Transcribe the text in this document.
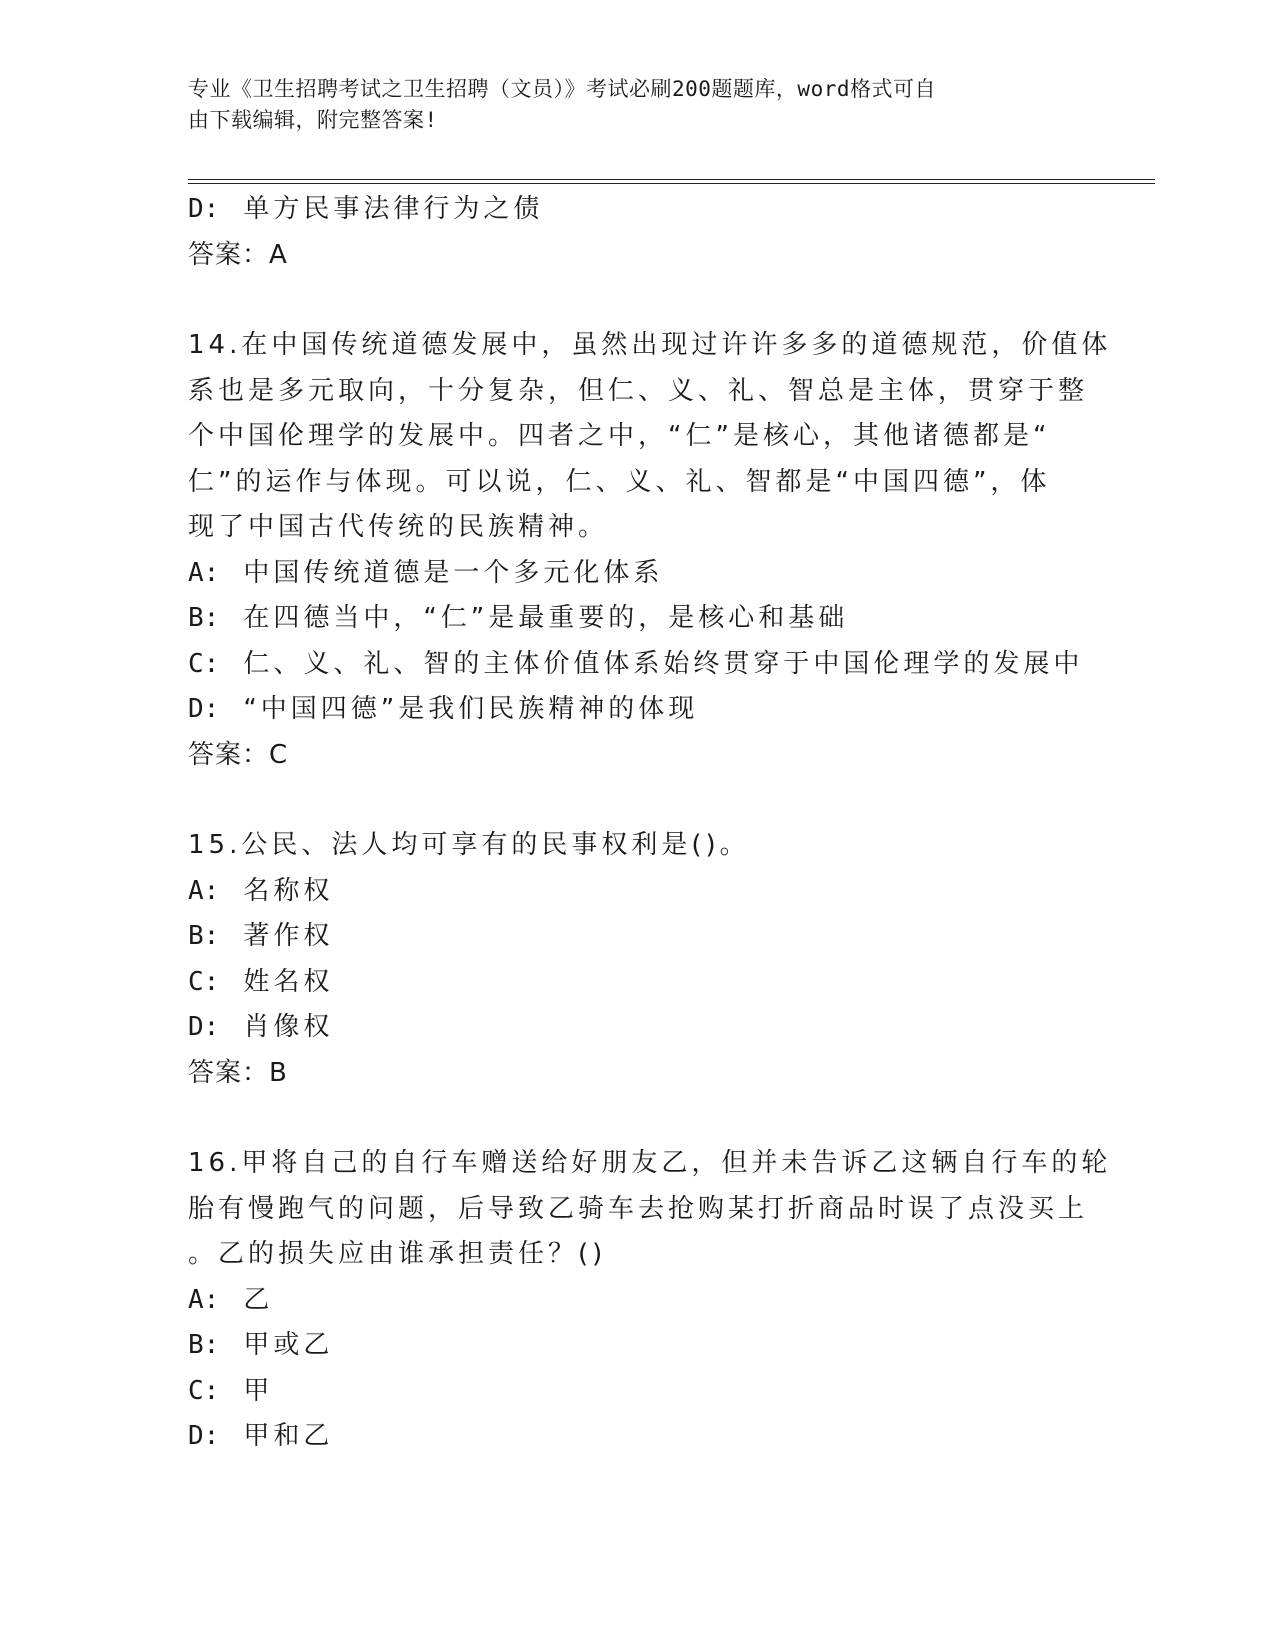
专业《卫生招聘考试之卫生招聘（文员）》考试必刷200题题库，word格式可自
由下载编辑，附完整答案!
D: 单方民事法律行为之债
答案：A
14.在中国传统道德发展中，虽然出现过许许多多的道德规范，价值体
系也是多元取向，十分复杂，但仁、义、礼、智总是主体，贯穿于整
个中国伦理学的发展中。四者之中，“仁”是核心，其他诸德都是“
仁”的运作与体现。可以说，仁、义、礼、智都是“中国四德”，体
现了中国古代传统的民族精神。
A: 中国传统道德是一个多元化体系
B: 在四德当中，“仁”是最重要的，是核心和基础
C: 仁、义、礼、智的主体价值体系始终贯穿于中国伦理学的发展中
D: “中国四德”是我们民族精神的体现
答案：C
15.公民、法人均可享有的民事权利是()。
A: 名称权
B: 著作权
C: 姓名权
D: 肖像权
答案：B
16.甲将自己的自行车赠送给好朋友乙，但并未告诉乙这辆自行车的轮
胎有慢跑气的问题，后导致乙骑车去抢购某打折商品时误了点没买上
。乙的损失应由谁承担责任？()
A: 乙
B: 甲或乙
C: 甲
D: 甲和乙
